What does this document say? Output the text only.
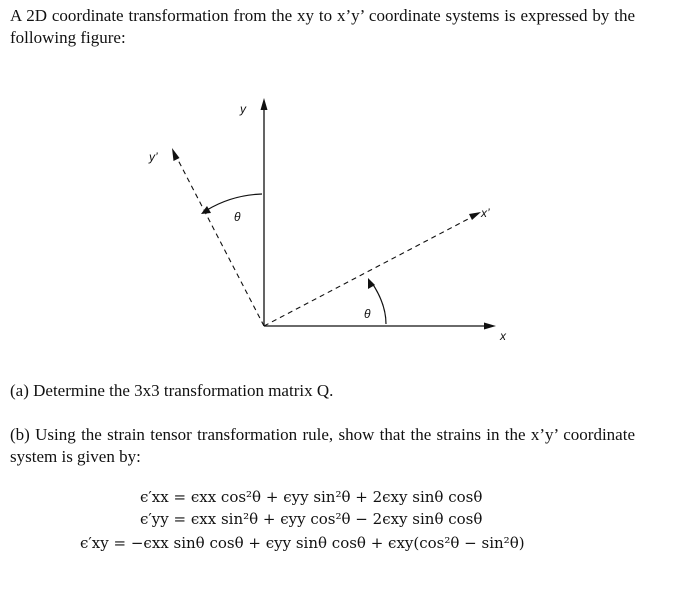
A 2D coordinate transformation from the xy to x’y’ coordinate systems is expressed by the following figure:

y
y’
x
x’
θ
θ

(a) Determine the 3x3 transformation matrix Q.

(b) Using the strain tensor transformation rule, show that the strains in the x’y’ coordinate system is given by:

ϵ′xx = ϵxx cos²θ + ϵyy sin²θ + 2ϵxy sinθ cosθ
ϵ′yy = ϵxx sin²θ + ϵyy cos²θ − 2ϵxy sinθ cosθ
ϵ′xy = −ϵxx sinθ cosθ + ϵyy sinθ cosθ + ϵxy(cos²θ − sin²θ)
